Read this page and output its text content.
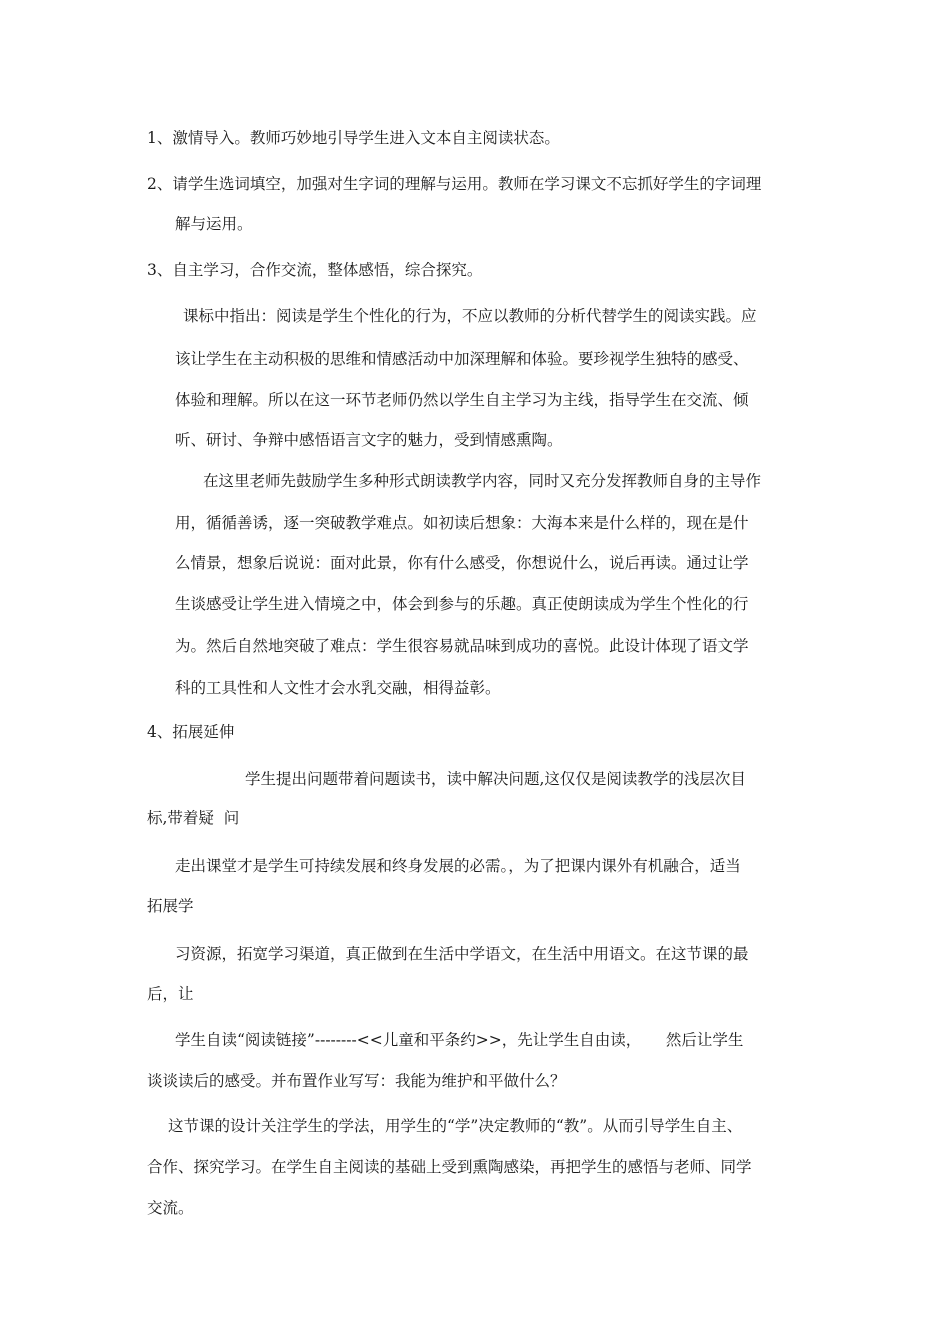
1、激情导入。教师巧妙地引导学生进入文本自主阅读状态。
2、请学生选词填空，加强对生字词的理解与运用。教师在学习课文不忘抓好学生的字词理
解与运用。
3、自主学习，合作交流，整体感悟，综合探究。
课标中指出：阅读是学生个性化的行为，不应以教师的分析代替学生的阅读实践。应
该让学生在主动积极的思维和情感活动中加深理解和体验。要珍视学生独特的感受、
体验和理解。所以在这一环节老师仍然以学生自主学习为主线，指导学生在交流、倾
听、研讨、争辩中感悟语言文字的魅力，受到情感熏陶。
在这里老师先鼓励学生多种形式朗读教学内容，同时又充分发挥教师自身的主导作
用，循循善诱，逐一突破教学难点。如初读后想象：大海本来是什么样的，现在是什
么情景，想象后说说：面对此景，你有什么感受，你想说什么，说后再读。通过让学
生谈感受让学生进入情境之中，体会到参与的乐趣。真正使朗读成为学生个性化的行
为。然后自然地突破了难点：学生很容易就品味到成功的喜悦。此设计体现了语文学
科的工具性和人文性才会水乳交融，相得益彰。
4、拓展延伸
学生提出问题带着问题读书，读中解决问题,这仅仅是阅读教学的浅层次目
标,带着疑  问
走出课堂才是学生可持续发展和终身发展的必需。，为了把课内课外有机融合，适当
拓展学
习资源，拓宽学习渠道，真正做到在生活中学语文，在生活中用语文。在这节课的最
后，让
学生自读“阅读链接”--------<<儿童和平条约>>，先让学生自由读，     然后让学生
谈谈读后的感受。并布置作业写写：我能为维护和平做什么？
这节课的设计关注学生的学法，用学生的“学”决定教师的“教”。从而引导学生自主、
合作、探究学习。在学生自主阅读的基础上受到熏陶感染，再把学生的感悟与老师、同学
交流。
